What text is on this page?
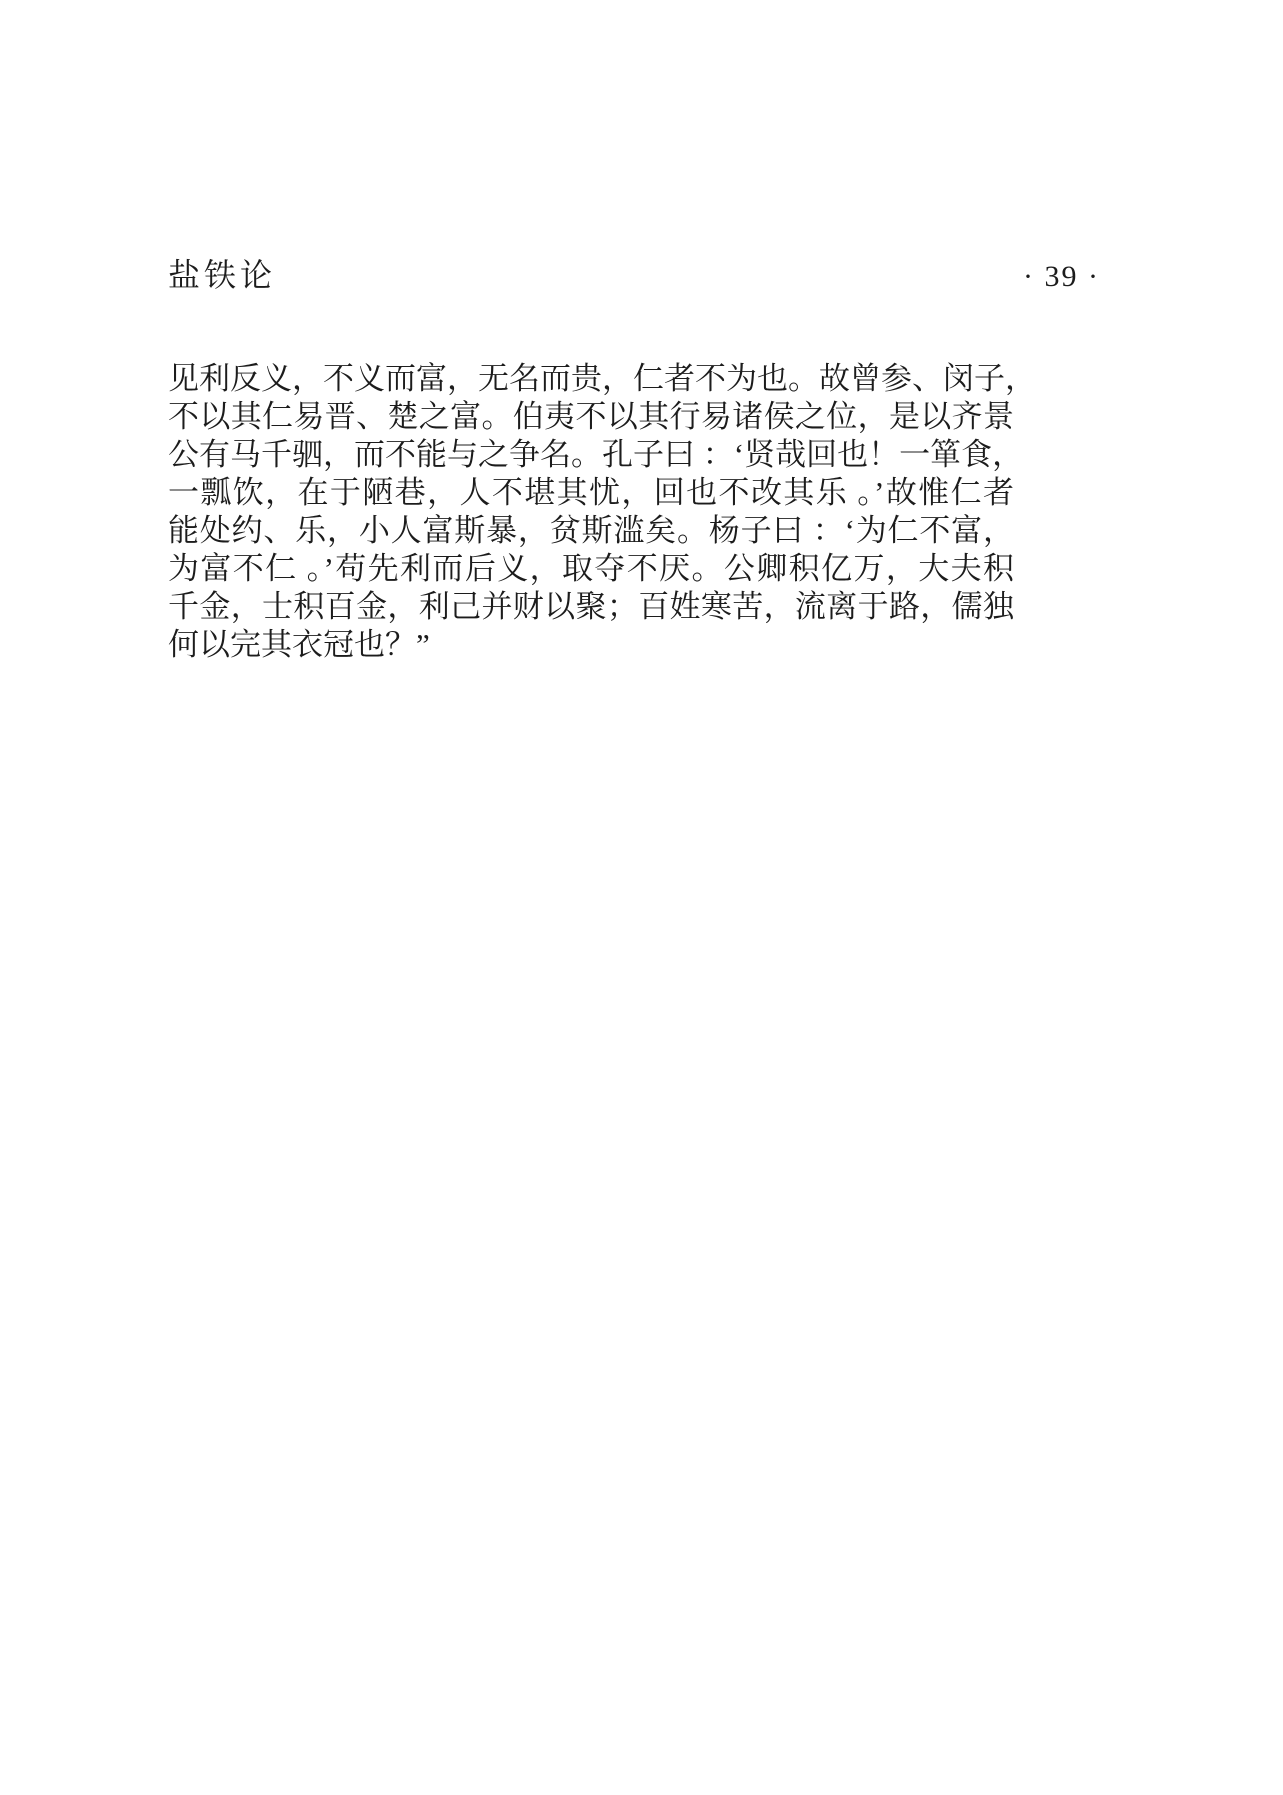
盐铁论	· 39 ·
见利反义，不义而富，无名而贵，仁者不为也。故曾参、闵子，
不以其仁易晋、楚之富。伯夷不以其行易诸侯之位，是以齐景
公有马千驷，而不能与之争名。孔子曰 ：‘贤哉回也！一箪食，
一瓢饮，在于陋巷，人不堪其忧，回也不改其乐 。’故惟仁者
能处约、乐，小人富斯暴，贫斯滥矣。杨子曰 ：‘为仁不富，
为富不仁 。’苟先利而后义，取夺不厌。公卿积亿万，大夫积
千金，士积百金，利己并财以聚；百姓寒苦，流离于路，儒独
何以完其衣冠也？”
